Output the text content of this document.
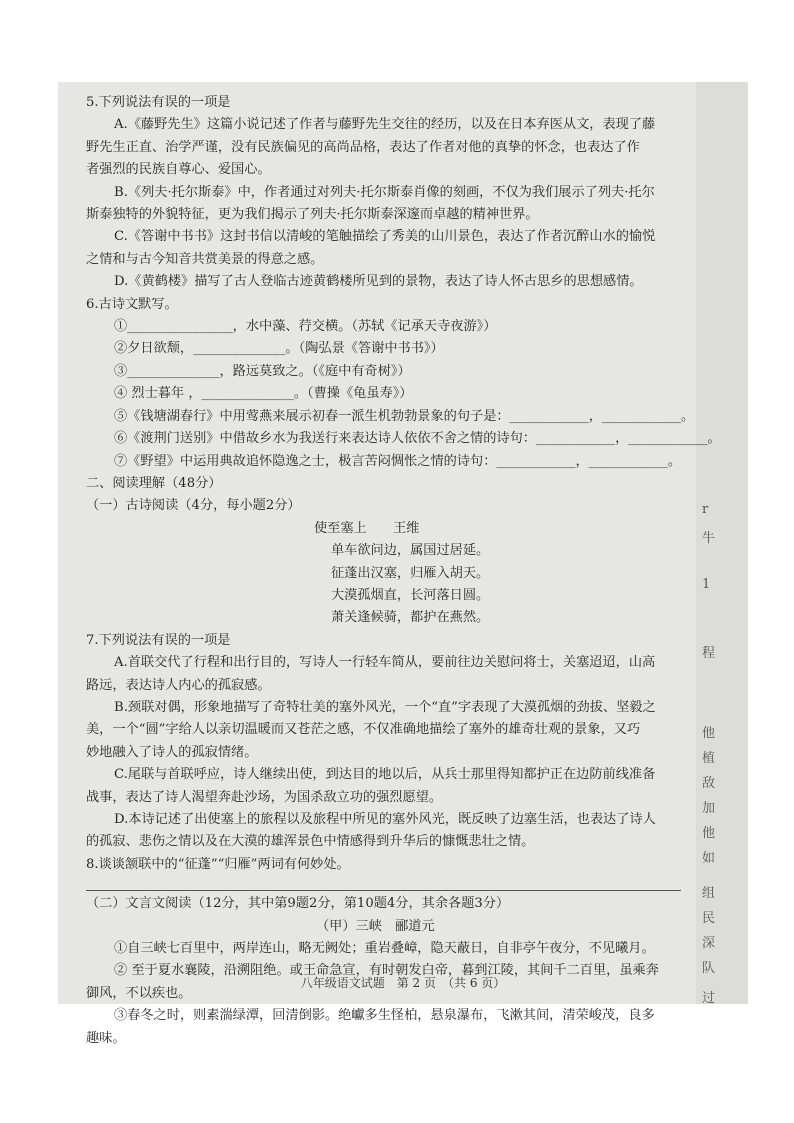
r
牛
1
程
他
植
敌
加
他
如
组
民
深
队
过
5.下列说法有误的一项是
A.《藤野先生》这篇小说记述了作者与藤野先生交往的经历，以及在日本弃医从文，表现了藤
野先生正直、治学严谨，没有民族偏见的高尚品格，表达了作者对他的真挚的怀念，也表达了作
者强烈的民族自尊心、爱国心。
B.《列夫·托尔斯泰》中，作者通过对列夫·托尔斯泰肖像的刻画，不仅为我们展示了列夫·托尔
斯泰独特的外貌特征，更为我们揭示了列夫·托尔斯泰深邃而卓越的精神世界。
C.《答谢中书书》这封书信以清峻的笔触描绘了秀美的山川景色，表达了作者沉醉山水的愉悦
之情和与古今知音共赏美景的得意之感。
D.《黄鹤楼》描写了古人登临古迹黄鹤楼所见到的景物，表达了诗人怀古思乡的思想感情。
6.古诗文默写。
①________________，水中藻、荇交横。（苏轼《记承天寺夜游》）
②夕日欲颓，______________。（陶弘景《答谢中书书》）
③______________，路远莫致之。（《庭中有奇树》）
④ 烈士暮年 ，______________。（曹操《龟虽寿》）
⑤《钱塘湖春行》中用莺燕来展示初春一派生机勃勃景象的句子是：____________，____________。
⑥《渡荆门送别》中借故乡水为我送行来表达诗人依依不舍之情的诗句：____________，____________。
⑦《野望》中运用典故追怀隐逸之士，极言苦闷惆怅之情的诗句：____________，____________。
二、阅读理解（48分）
（一）古诗阅读（4分，每小题2分）
使至塞上　　王维
单车欲问边，属国过居延。
征蓬出汉塞，归雁入胡天。
大漠孤烟直，长河落日圆。
萧关逢候骑，都护在燕然。
7.下列说法有误的一项是
A.首联交代了行程和出行目的，写诗人一行轻车简从，要前往边关慰问将士，关塞迢迢，山高
路远，表达诗人内心的孤寂感。
B.颈联对偶，形象地描写了奇特壮美的塞外风光，一个“直”字表现了大漠孤烟的劲拔、坚毅之
美，一个“圆”字给人以亲切温暖而又苍茫之感，不仅准确地描绘了塞外的雄奇壮观的景象，又巧
妙地融入了诗人的孤寂情绪。
C.尾联与首联呼应，诗人继续出使，到达目的地以后，从兵士那里得知都护正在边防前线准备
战事，表达了诗人渴望奔赴沙场，为国杀敌立功的强烈愿望。
D.本诗记述了出使塞上的旅程以及旅程中所见的塞外风光，既反映了边塞生活，也表达了诗人
的孤寂、悲伤之情以及在大漠的雄浑景色中情感得到升华后的慷慨悲壮之情。
8.谈谈颔联中的“征蓬”“归雁”两词有何妙处。
（二）文言文阅读（12分，其中第9题2分，第10题4分，其余各题3分）
（甲）三峡　郦道元
①自三峡七百里中，两岸连山，略无阙处；重岩叠嶂，隐天蔽日，自非亭午夜分，不见曦月。
② 至于夏水襄陵，沿溯阻绝。或王命急宣，有时朝发白帝，暮到江陵，其间千二百里，虽乘奔
御风，不以疾也。
③春冬之时，则素湍绿潭，回清倒影。绝巘多生怪柏，悬泉瀑布，飞漱其间，清荣峻茂，良多
趣味。
八年级语文试题　第 2 页　（共 6 页）
